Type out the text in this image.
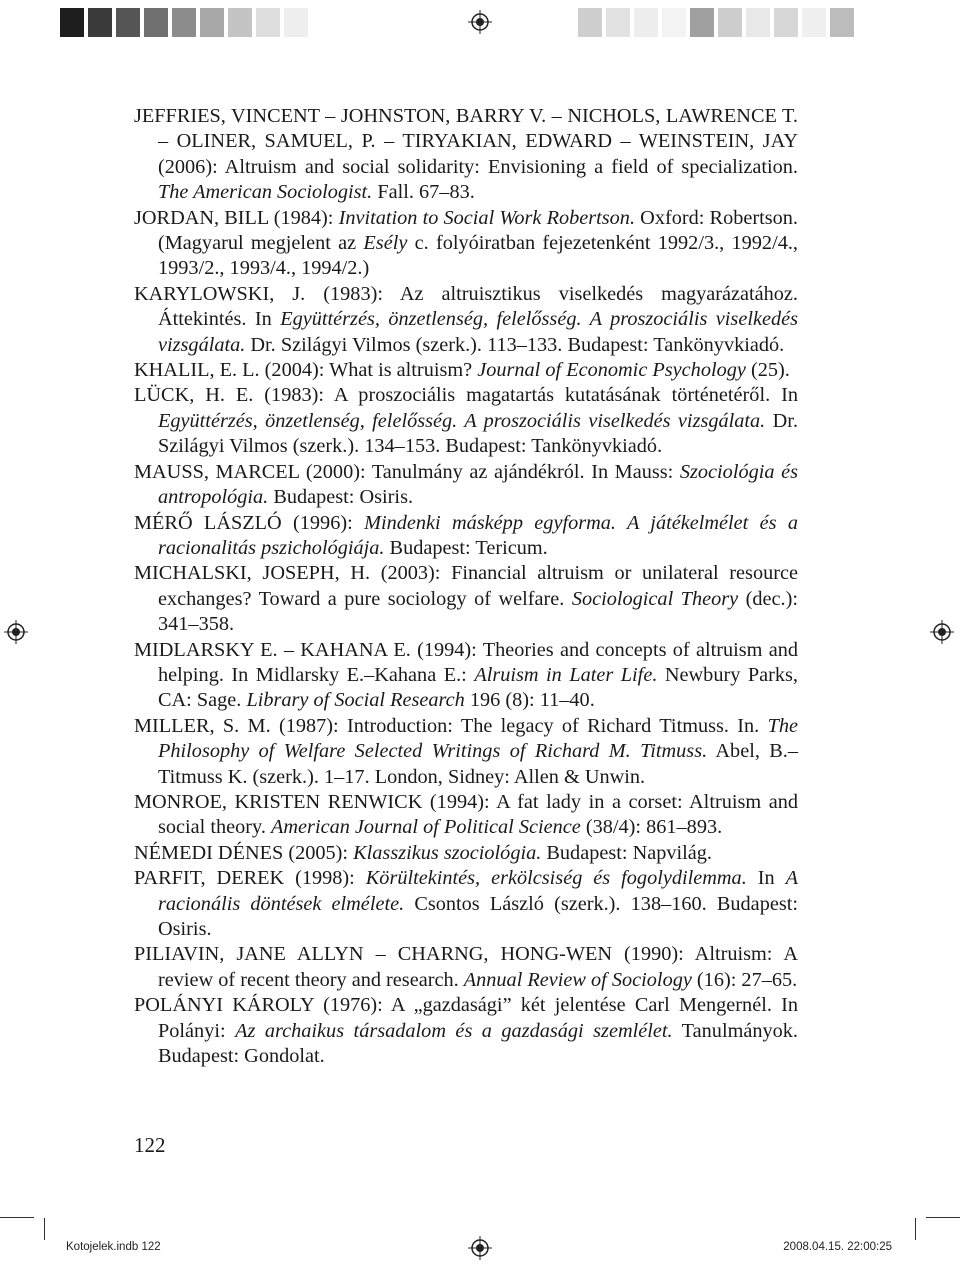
JEFFRIES, VINCENT – JOHNSTON, BARRY V. – NICHOLS, LAWRENCE T. – OLINER, SAMUEL, P. – TIRYAKIAN, EDWARD – WEINSTEIN, JAY (2006): Altruism and social solidarity: Envisioning a field of specialization. The American Sociologist. Fall. 67–83.

JORDAN, BILL (1984): Invitation to Social Work Robertson. Oxford: Robertson. (Magyarul megjelent az Esély c. folyóiratban fejezetenként 1992/3., 1992/4., 1993/2., 1993/4., 1994/2.)

KARYLOWSKI, J. (1983): Az altruisztikus viselkedés magyarázatához. Áttekintés. In Együttérzés, önzetlenség, felelősség. A proszociális viselkedés vizsgálata. Dr. Szilágyi Vilmos (szerk.). 113–133. Budapest: Tankönyvkiadó.

KHALIL, E. L. (2004): What is altruism? Journal of Economic Psychology (25).

LÜCK, H. E. (1983): A proszociális magatartás kutatásának történetéről. In Együttérzés, önzetlenség, felelősség. A proszociális viselkedés vizsgálata. Dr. Szilágyi Vilmos (szerk.). 134–153. Budapest: Tankönyvkiadó.

MAUSS, MARCEL (2000): Tanulmány az ajándékról. In Mauss: Szociológia és antropológia. Budapest: Osiris.

MÉRŐ LÁSZLÓ (1996): Mindenki másképp egyforma. A játékelmélet és a racionalitás pszichológiája. Budapest: Tericum.

MICHALSKI, JOSEPH, H. (2003): Financial altruism or unilateral resource exchanges? Toward a pure sociology of welfare. Sociological Theory (dec.): 341–358.

MIDLARSKY E. – KAHANA E. (1994): Theories and concepts of altruism and helping. In Midlarsky E.–Kahana E.: Alruism in Later Life. Newbury Parks, CA: Sage. Library of Social Research 196 (8): 11–40.

MILLER, S. M. (1987): Introduction: The legacy of Richard Titmuss. In. The Philosophy of Welfare Selected Writings of Richard M. Titmuss. Abel, B.–Titmuss K. (szerk.). 1–17. London, Sidney: Allen & Unwin.

MONROE, KRISTEN RENWICK (1994): A fat lady in a corset: Altruism and social theory. American Journal of Political Science (38/4): 861–893.

NÉMEDI DÉNES (2005): Klasszikus szociológia. Budapest: Napvilág.

PARFIT, DEREK (1998): Körültekintés, erkölcsiség és fogolydilemma. In A racionális döntések elmélete. Csontos László (szerk.). 138–160. Budapest: Osiris.

PILIAVIN, JANE ALLYN – CHARNG, HONG-WEN (1990): Altruism: A review of recent theory and research. Annual Review of Sociology (16): 27–65.

POLÁNYI KÁROLY (1976): A „gazdasági” két jelentése Carl Mengernél. In Polányi: Az archaikus társadalom és a gazdasági szemlélet. Tanulmányok. Budapest: Gondolat.

122
Kotojelek.indb 122	2008.04.15. 22:00:25
